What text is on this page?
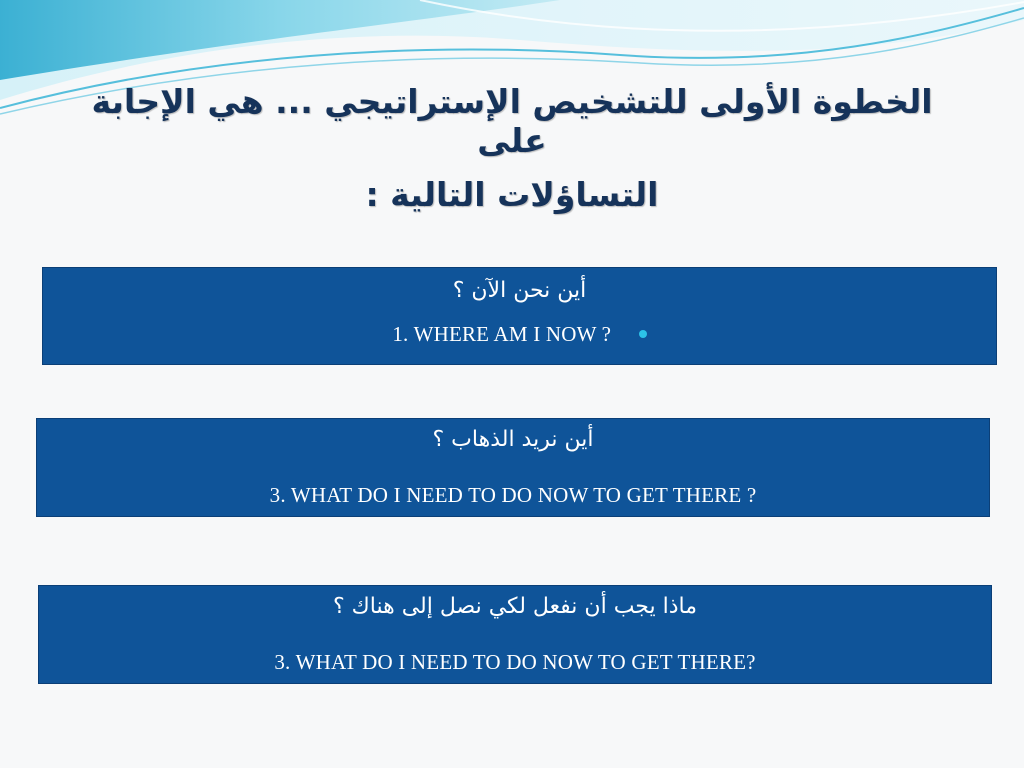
الخطوة الأولى للتشخيص الإستراتيجي ... هي الإجابة على
التساؤلات التالية :
أين نحن الآن ؟
1. WHERE AM I NOW ?
أين نريد الذهاب ؟
3. WHAT DO I NEED TO DO NOW TO GET THERE ?
ماذا يجب أن نفعل لكي نصل إلى هناك ؟
3. WHAT DO I NEED TO DO NOW TO GET THERE?
